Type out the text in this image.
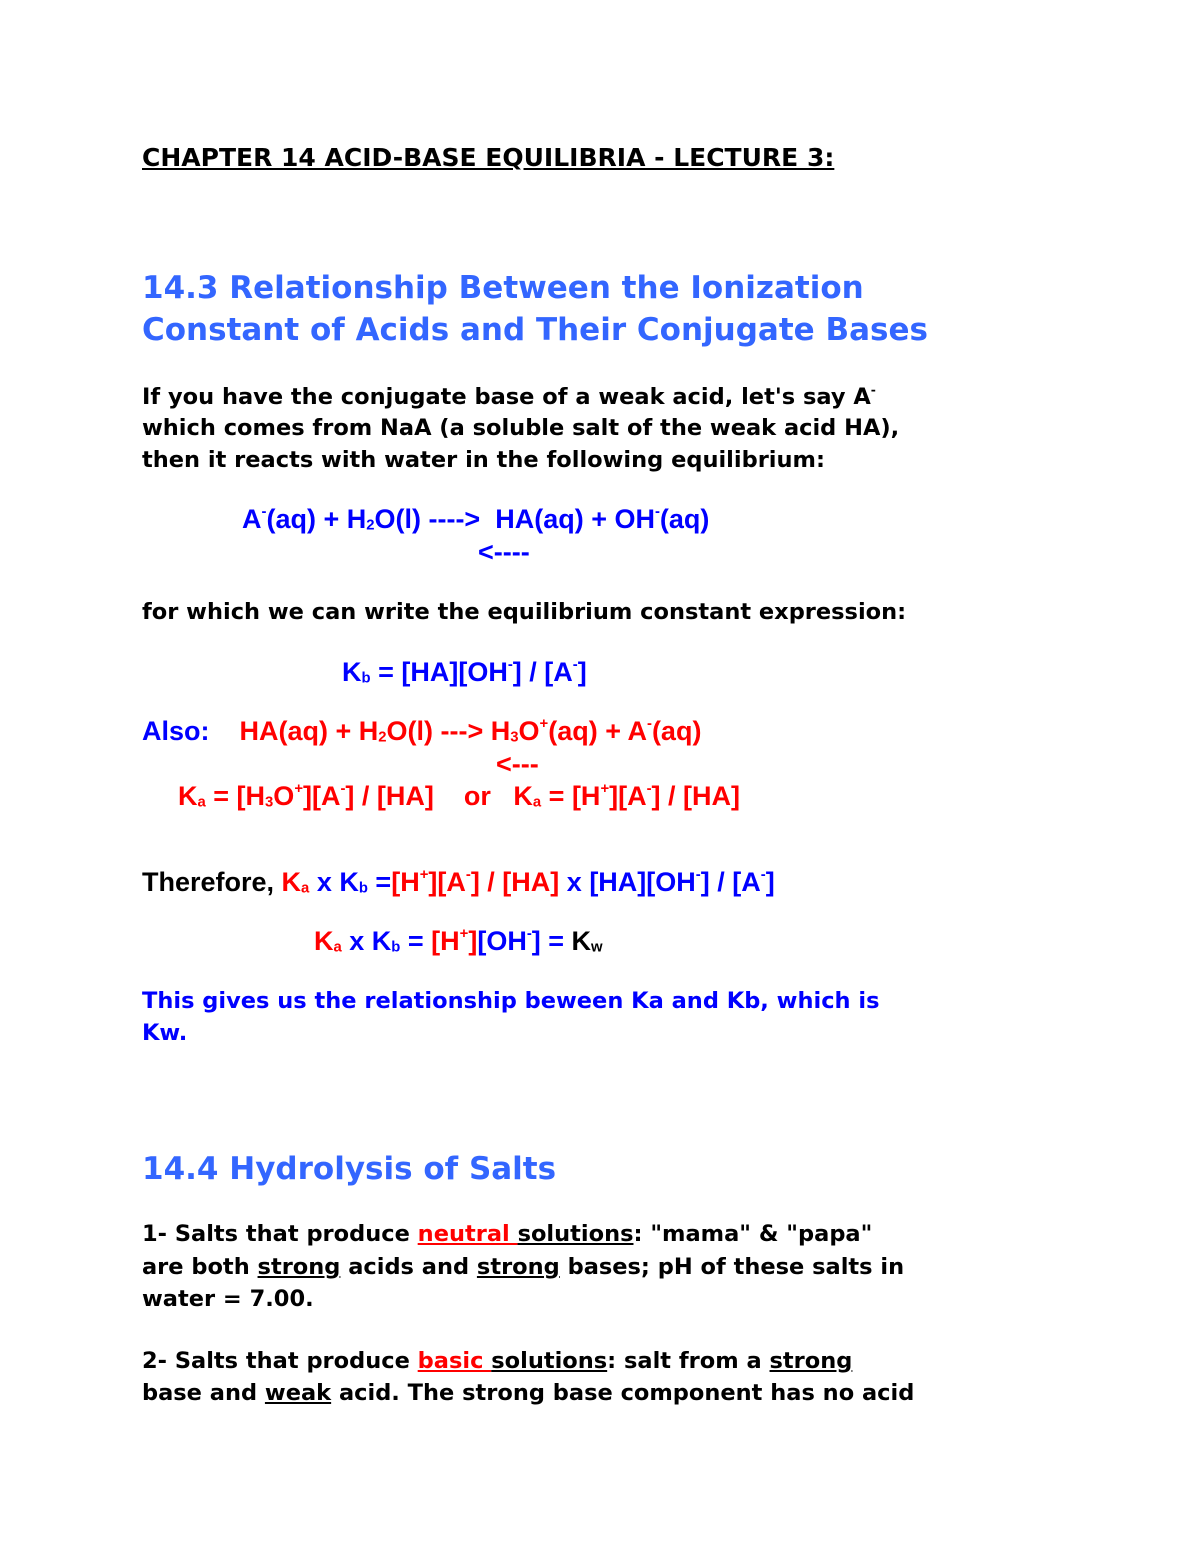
CHAPTER 14 ACID-BASE EQUILIBRIA - LECTURE 3:
14.3 Relationship Between the Ionization
Constant of Acids and Their Conjugate Bases
If you have the conjugate base of a weak acid, let's say A-
which comes from NaA (a soluble salt of the weak acid HA),
then it reacts with water in the following equilibrium:
$A^-(aq) + H_2O(l)$ ---->  HA(aq) + OH-(aq)
<----
for which we can write the equilibrium constant expression:
$K_b = [HA][OH^-] / [A^-]$
Also:    $HA(aq) + H_2O(l)$ ---> $H_3O^+(aq) + A^-(aq)$
<---
$K_a = [H_3O^+][A^-] / [HA]$    or   $K_a = [H^+][A^-] / [HA]$
Therefore, $K_a$ x $K_b =[H^+][A^-] / [HA]$ x [HA][OH-] / [A-]
$K_a$ x $K_b = [H^+][OH^-] = K_w$
This gives us the relationship beween Ka and Kb, which is
Kw.
14.4 Hydrolysis of Salts
1- Salts that produce neutral solutions: "mama" & "papa"
are both strong acids and strong bases; pH of these salts in
water = 7.00.
2- Salts that produce basic solutions: salt from a strong
base and weak acid. The strong base component has no acid
